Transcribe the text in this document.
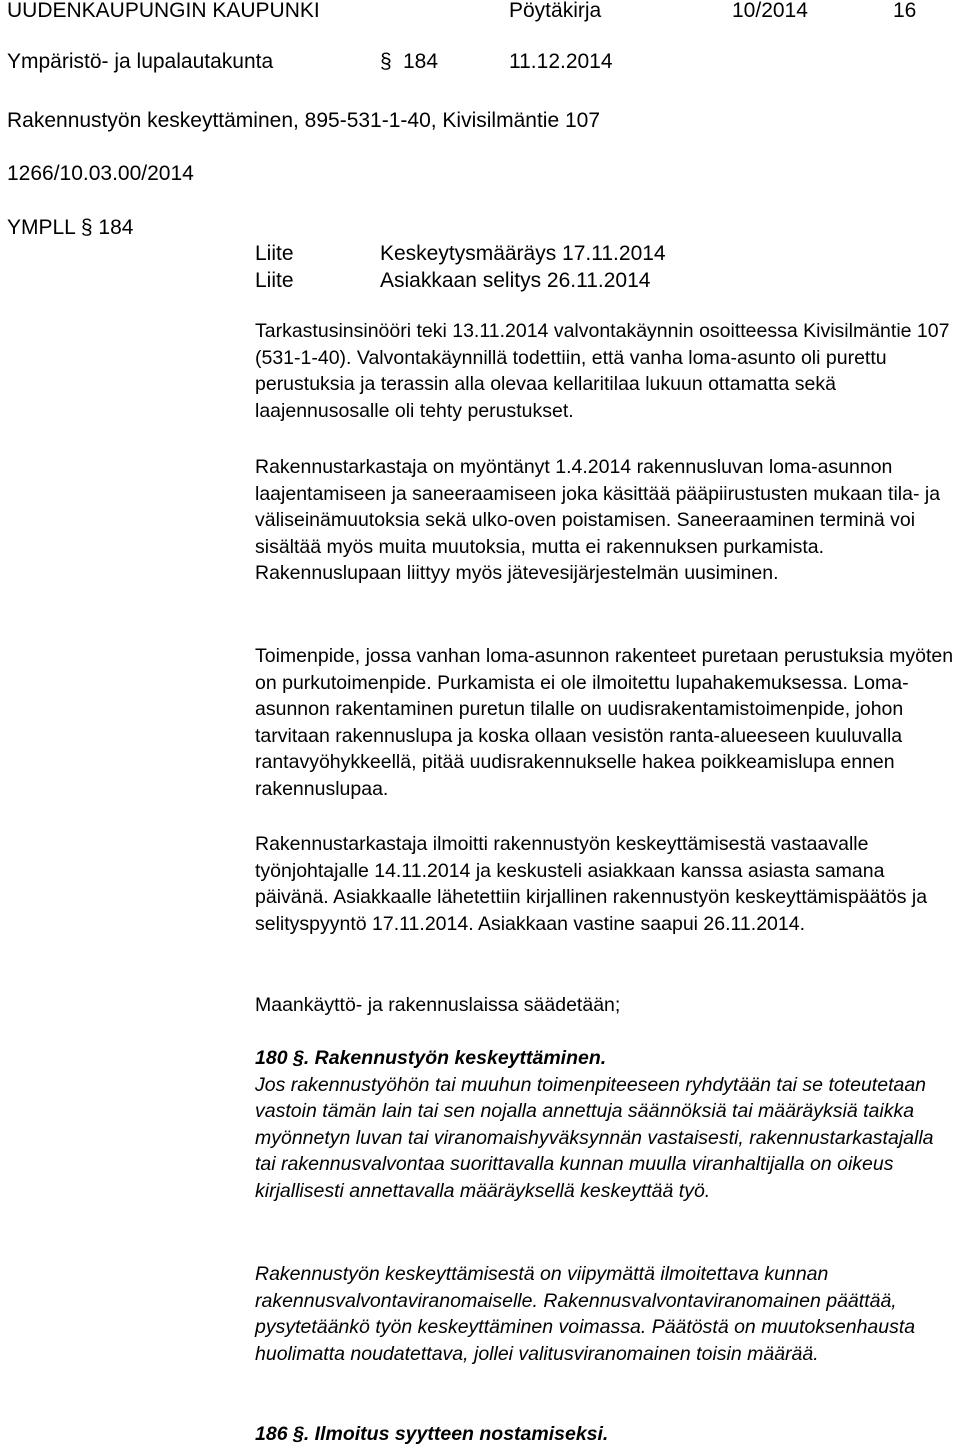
UUDENKAUPUNGIN KAUPUNKI	Pöytäkirja	10/2014	16
Ympäristö- ja lupalautakunta	§ 184	11.12.2014
Rakennustyön keskeyttäminen, 895-531-1-40, Kivisilmäntie 107
1266/10.03.00/2014
YMPLL § 184
Liite	Keskeytysmääräys 17.11.2014
Liite	Asiakkaan selitys 26.11.2014

Tarkastusinsinööri teki 13.11.2014 valvontakäynnin osoitteessa Kivisilmäntie 107 (531-1-40). Valvontakäynnillä todettiin, että vanha loma-asunto oli purettu perustuksia ja terassin alla olevaa kellaritilaa lukuun ottamatta sekä laajennusosalle oli tehty perustukset.

Rakennustarkastaja on myöntänyt 1.4.2014 rakennusluvan loma-asunnon laajentamiseen ja saneeraamiseen joka käsittää pääpiirustusten mukaan tila- ja väliseinämuutoksia sekä ulko-oven poistamisen. Saneeraaminen terminä voi sisältää myös muita muutoksia, mutta ei rakennuksen purkamista. Rakennuslupaan liittyy myös jätevesijärjestelmän uusiminen.

Toimenpide, jossa vanhan loma-asunnon rakenteet puretaan perustuksia myöten on purkutoimenpide. Purkamista ei ole ilmoitettu lupahakemuksessa. Loma-asunnon rakentaminen puretun tilalle on uudisrakentamistoimenpide, johon tarvitaan rakennuslupa ja koska ollaan vesistön ranta-alueeseen kuuluvalla rantavyöhykkeellä, pitää uudisrakennukselle hakea poikkeamislupa ennen rakennuslupaa.

Rakennustarkastaja ilmoitti rakennustyön keskeyttämisestä vastaavalle työnjohtajalle 14.11.2014 ja keskusteli asiakkaan kanssa asiasta samana päivänä. Asiakkaalle lähetettiin kirjallinen rakennustyön keskeyttämispäätös ja selityspyyntö 17.11.2014. Asiakkaan vastine saapui 26.11.2014.

Maankäyttö- ja rakennuslaissa säädetään;

180 §. Rakennustyön keskeyttäminen.

Jos rakennustyöhön tai muuhun toimenpiteeseen ryhdytään tai se toteutetaan vastoin tämän lain tai sen nojalla annettuja säännöksiä tai määräyksiä taikka myönnetyn luvan tai viranomaishyväksynnän vastaisesti, rakennustarkastajalla tai rakennusvalvontaa suorittavalla kunnan muulla viranhaltijalla on oikeus kirjallisesti annettavalla määräyksellä keskeyttää työ.

Rakennustyön keskeyttämisestä on viipymättä ilmoitettava kunnan rakennusvalvontaviranomaiselle. Rakennusvalvontaviranomainen päättää, pysytetäänkö työn keskeyttäminen voimassa. Päätöstä on muutoksenhausta huolimatta noudatettava, jollei valitusviranomainen toisin määrää.

186 §. Ilmoitus syytteen nostamiseksi.
